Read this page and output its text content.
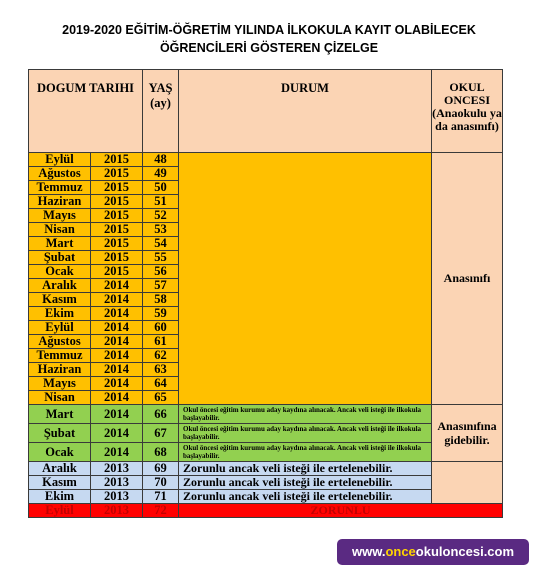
2019-2020 EĞİTİM-ÖĞRETİM YILINDA İLKOKULA KAYIT OLABİLECEK
ÖĞRENCİLERİ GÖSTEREN ÇİZELGE
DOGUM TARIHI		YAŞ (ay)	DURUM	OKUL ONCESI (Anaokulu ya da anasınıfı)
Eylül	2015	48		Anasınıfı
Ağustos	2015	49		
Temmuz	2015	50		
Haziran	2015	51		
Mayıs	2015	52		
Nisan	2015	53		
Mart	2015	54		
Şubat	2015	55		
Ocak	2015	56		
Aralık	2014	57		
Kasım	2014	58		
Ekim	2014	59		
Eylül	2014	60		
Ağustos	2014	61		
Temmuz	2014	62		
Haziran	2014	63		
Mayıs	2014	64		
Nisan	2014	65		
Mart	2014	66	Okul öncesi eğitim kurumu aday kaydına alınacak. Ancak veli isteği ile ilkokula başlayabilir.	Anasınıfına gidebilir.
Şubat	2014	67	Okul öncesi eğitim kurumu aday kaydına alınacak. Ancak veli isteği ile ilkokula başlayabilir.	
Ocak	2014	68	Okul öncesi eğitim kurumu aday kaydına alınacak. Ancak veli isteği ile ilkokula başlayabilir.	
Aralık	2013	69	Zorunlu ancak veli isteği ile ertelenebilir.	
Kasım	2013	70	Zorunlu ancak veli isteği ile ertelenebilir.	
Ekim	2013	71	Zorunlu ancak veli isteği ile ertelenebilir.	
Eylül	2013	72	ZORUNLU	
www.onceokuloncesi.com
